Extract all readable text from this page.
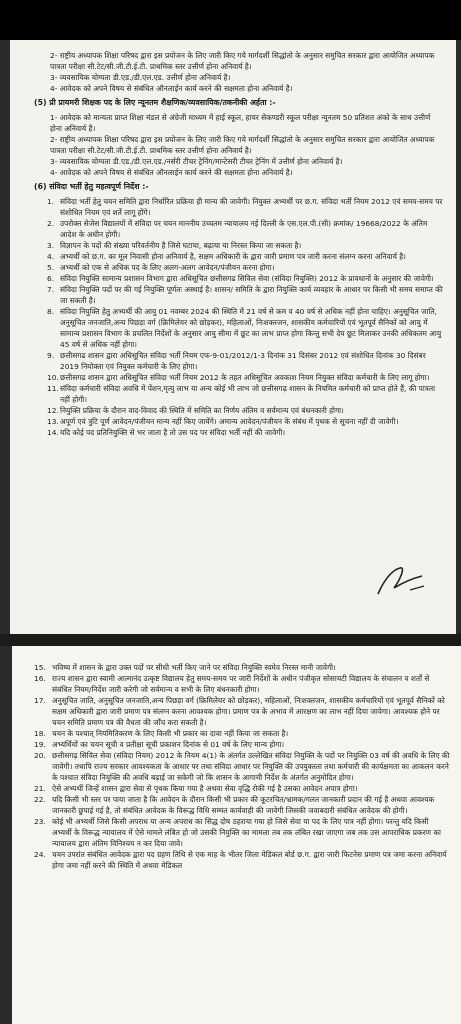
2- राष्ट्रीय अध्यापक शिक्षा परिषद द्वारा इस प्रयोजन के लिए जारी किए गये मार्गदर्शी सिद्धांतो के अनुसार समुचित सरकार द्वारा आयोजित अध्यापक पात्रता परीक्षा सी.टेट/सी.जी.टी.ई.टी. प्राथमिक स्तर उत्तीर्ण होना अनिवार्य है।

3- व्यवसायिक योग्यता डी.एड./डी.एल.एड. उत्तीर्ण होना अनिवार्य है।

4- आवेदक को अपने विषय से संबंधित ऑनलाईन कार्य करने की सक्षमता होना अनिवार्य है।

(5) प्री प्रायमरी शिक्षक पद के लिए न्यूनतम शैक्षणिक/व्यवसायिक/तकनीकी अर्हता :-

1- आवेदक को मान्यता प्राप्त शिक्षा मंडल से अंग्रेजी माध्यम में हाई स्कूल, हायर सेकण्डरी स्कूल परीक्षा न्यूनतम 50 प्रतिशत अंको के साथ उत्तीर्ण होना अनिवार्य है।

2- राष्ट्रीय अध्यापक शिक्षा परिषद द्वारा इस प्रयोजन के लिए जारी किए गये मार्गदर्शी सिद्धांतो के अनुसार समुचित सरकार द्वारा आयोजित अध्यापक पात्रता परीक्षा सी.टेट/सी.जी.टी.ई.टी. प्राथमिक स्तर उत्तीर्ण होना अनिवार्य है।

3- व्यवसायिक योग्यता डी.एड./डी.एल.एड./नर्सरी टीचर ट्रेनिंग/मान्टेसरी टीचर ट्रेनिंग में उत्तीर्ण होना अनिवार्य है।

4- आवेदक को अपने विषय से संबंधित ऑनलाईन कार्य करने की सक्षमता होना अनिवार्य है।

(6) संविदा भर्ती हेतु महत्वपूर्ण निर्देश :-

1. संविदा भर्ती हेतु चयन समिति द्वारा निर्धारित प्रक्रिया ही मान्य की जावेगी। नियुक्त अभ्यर्थी पर छ.ग. संविदा भर्ती नियम 2012 एवं समय-समय पर संशोधित नियम एवं शर्ते लागू होंगे।

2. उपरोक्त सेजेस विद्यालयों में संविदा पर चयन माननीय उच्चतम न्यायालय नई दिल्ली के एस.एल.पी.(सी) क्रमांक/ 19668/2022 के अंतिम आदेश के अधीन होगी।

3. विज्ञापन के पदों की संख्या परिवर्तनीय है जिसे घटाया, बढ़ाया या निरस्त किया जा सकता है।

4. अभ्यर्थी को छ.ग. का मूल निवासी होना अनिवार्य है, सक्षम अधिकारी के द्वारा जारी प्रमाण पत्र जारी करना संलग्न करना अनिवार्य है।

5. अभ्यर्थी को एक से अधिक पद के लिए अलग-अलग आवेदन/पंजीयन करना होगा।

6. संविदा नियुक्ति सामान्य प्रशासन विभाग द्वारा अधिसूचित छत्तीसगढ सिविल सेवा (संविदा नियुक्ति) 2012 के प्रावधानों के अनुसार की जावेगी।

7. संविदा नियुक्ति पदों पर की गई नियुक्ति पूर्णतः अस्थाई है। शासन/ समिति के द्वारा नियुक्ति कार्य व्यवहार के आधार पर किसी भी समय समाप्त की जा सकती है।

8. संविदा नियुक्ति हेतु अभ्यर्थी की आयु 01 नवम्बर 2024 की स्थिति में 21 वर्ष से कम व 40 वर्ष से अधिक नहीं होना चाहिए। अनुसूचित जाति, अनुसूचित जनजाति,अन्य पिछड़ा वर्ग (क्रिमिलेयर को छोड़कर), महिलाओं, निःशक्तजन, शासकीय कर्मचारियों एवं भूतपूर्व सैनिकों को आयु में सामान्य प्रशासन विभाग के प्रचलित निर्देशों के अनुसार आयु सीमा में छूट का लाभ प्राप्त होगा किन्तु सभी देय छूट मिलाकर उनकी अधिकतम आयु 45 वर्ष से अधिक नहीं होगा।

9. छत्तीसगढ शासन द्वारा अधिसूचित संविदा भर्ती नियम एफ-9-01/2012/1-3 दिनांक 31 दिसंबर 2012 एवं संशोधित दिनांक 30 दिसंबर 2019 नियोक्ता एवं नियुक्त कर्मचारी के लिए होगा।

10. छत्तीसगढ शासन द्वारा अधिसूचित संविदा भर्ती नियम 2012 के तहत अधिसूचित अवकाश नियम नियुक्त संविदा कर्मचारी के लिए लागू होगा।

11. संविदा कर्मचारी संविदा अवधि में पेंशन,मृत्यु लाभ या अन्य कोई भी लाभ जो छत्तीसगढ़ शासन के नियमित कर्मचारी को प्राप्त होते हैं, की पात्रता नहीं होगी।

12. नियुक्ति प्रक्रिया के दौरान वाद-विवाद की स्थिति में समिति का निर्णय अंतिम व सर्वमान्य एवं बंधनकारी होगा।

13. अपूर्ण एवं त्रुटि पूर्ण आवेदन/पंजीयन मान्य नहीं किए जायेंगे। अमान्य आवेदन/पंजीयन के संबंध में पृथक से सूचना नहीं दी जावेगी।

14. यदि कोई पद प्रतिनियुक्ति से भर जाता है तो उस पद पर संविदा भर्ती नहीं की जावेगी।

15. भविष्य में शासन के द्वारा उक्त पदों पर सीधी भर्ती किए जाने पर संविदा नियुक्ति स्वमेव निरस्त मानी जावेगी।

16. राज्य शासन द्वारा स्वामी आत्मानंद उत्कृष्ट विद्यालय हेतु समय-समय पर जारी निर्देशों के अधीन पंजीकृत सोसायटी विद्यालय के संचालन व शर्तों से संबंधित नियम/निर्देश जारी करेगी जो सर्वमान्य व सभी के लिए बंधनकारी होगा।

17. अनुसूचित जाति, अनुसूचित जनजाति,अन्य पिछड़ा वर्ग (क्रिमिलेयर को छोड़कर), महिलाओं, निःशक्तजन, शासकीय कर्मचारियों एवं भूतपूर्व सैनिकों को सक्षम अधिकारी द्वारा जारी प्रमाण पत्र संलग्न करना आवश्यक होगा। प्रमाण पत्र के अभाव में आरक्षण का लाभ नहीं दिया जावेगा। आवश्यक होने पर चयन समिति प्रमाण पत्र की वैधता की जाँच करा सकती है।

18. चयन के पश्चात् नियमितिकरण के लिए किसी भी प्रकार का दावा नहीं किया जा सकता है।

19. अभ्यर्थियों का चयन सूची व प्रतीक्षा सूची प्रकाशन दिनांक से 01 वर्ष के लिए मान्य होगा।

20. छत्तीसगढ़ सिविल सेवा (संविदा नियम) 2012 के नियम 4(1) के अंतर्गत उल्लेखित संविदा नियुक्ति के पदों पर नियुक्ति 03 वर्ष की अवधि के लिए की जावेगी। तथापि राज्य सरकार आवश्यकता के आधार पर तथा संविदा आधार पर नियुक्ति की उपयुक्तता तथा कर्मचारी की कार्यक्षमता का आकलन करने के पश्चात संविदा नियुक्ति की अवधि बढ़ाई जा सकेगी जो कि शासन के आगामी निर्देश के अंतर्गत अनुमोदित होगा।

21. ऐसे अभ्यर्थी जिन्हें शासन द्वारा सेवा से पृथक किया गया है अथवा सेवा वृद्धि रोकी गई है उसका आवेदन अपात्र होगा।

22. यदि किसी भी स्तर पर पाया जाता है कि आवेदन के दौरान किसी भी प्रकार की कूटरचित/भ्रामक/गलत जानकारी प्रदान की गई है अथवा आवश्यक जानकारी छुपाई गई है, तो संबंधित आवेदक के विरूद्ध विधि सम्मत कार्यवाही की जावेगी जिसकी जवाबदारी संबंधित आवेदक की होगी।

23. कोई भी अभ्यर्थी जिसे किसी अपराध या अन्य अपराध का सिद्ध दोष ठहराया गया हो जिसे सेवा या पद के लिए पात्र नहीं होगा। परन्तु यदि किसी अभ्यर्थी के विरूद्ध न्यायालय में ऐसे मामले लंबित हो जो उसकी नियुक्ति का मामला तब तक लंबित रखा जाएगा जब तक उस आपराधिक प्रकरण का न्यायालय द्वारा अंतिम विनिश्चय न कर दिया जावे।

24. चयन उपरांत संबंधित आवेदक द्वारा पद ग्रहण तिथि से एक माह के भीतर जिला मेडिकल बोर्ड छ.ग. द्वारा जारी फिटनेस प्रमाण पत्र जमा करना अनिवार्य होगा जमा नहीं करने की स्थिति में अथवा मेडिकल
